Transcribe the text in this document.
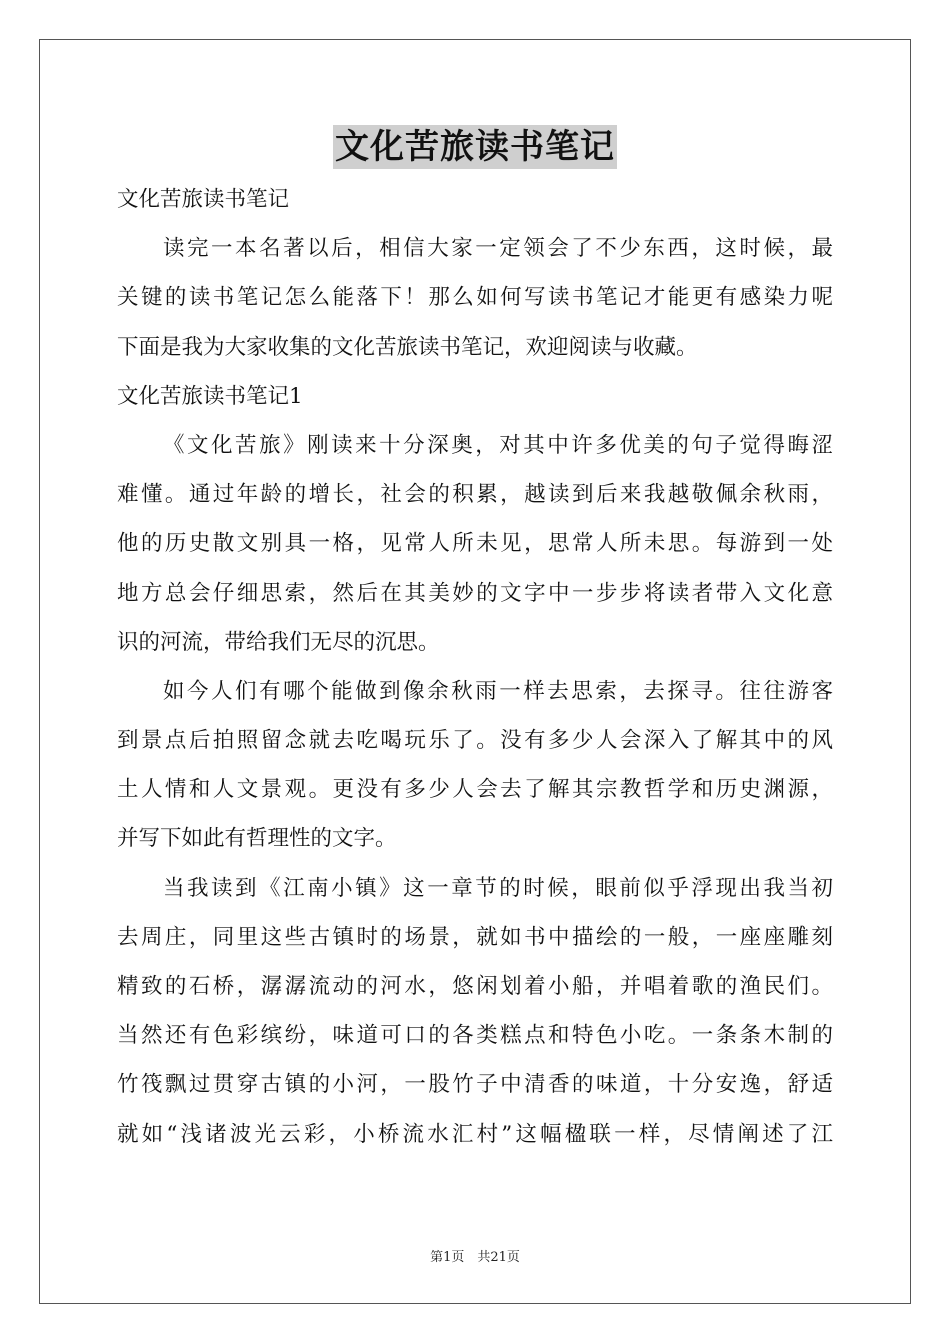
文化苦旅读书笔记
文化苦旅读书笔记
读完一本名著以后，相信大家一定领会了不少东西，这时候，最
关键的读书笔记怎么能落下！那么如何写读书笔记才能更有感染力呢
下面是我为大家收集的文化苦旅读书笔记，欢迎阅读与收藏。
文化苦旅读书笔记1
《文化苦旅》刚读来十分深奥，对其中许多优美的句子觉得晦涩
难懂。通过年龄的增长，社会的积累，越读到后来我越敬佩余秋雨，
他的历史散文别具一格，见常人所未见，思常人所未思。每游到一处
地方总会仔细思索，然后在其美妙的文字中一步步将读者带入文化意
识的河流，带给我们无尽的沉思。
如今人们有哪个能做到像余秋雨一样去思索，去探寻。往往游客
到景点后拍照留念就去吃喝玩乐了。没有多少人会深入了解其中的风
土人情和人文景观。更没有多少人会去了解其宗教哲学和历史渊源，
并写下如此有哲理性的文字。
当我读到《江南小镇》这一章节的时候，眼前似乎浮现出我当初
去周庄，同里这些古镇时的场景，就如书中描绘的一般，一座座雕刻
精致的石桥，潺潺流动的河水，悠闲划着小船，并唱着歌的渔民们。
当然还有色彩缤纷，味道可口的各类糕点和特色小吃。一条条木制的
竹筏飘过贯穿古镇的小河，一股竹子中清香的味道，十分安逸，舒适
就如“浅诸波光云彩，小桥流水汇村”这幅楹联一样，尽情阐述了江
第1页　共21页
